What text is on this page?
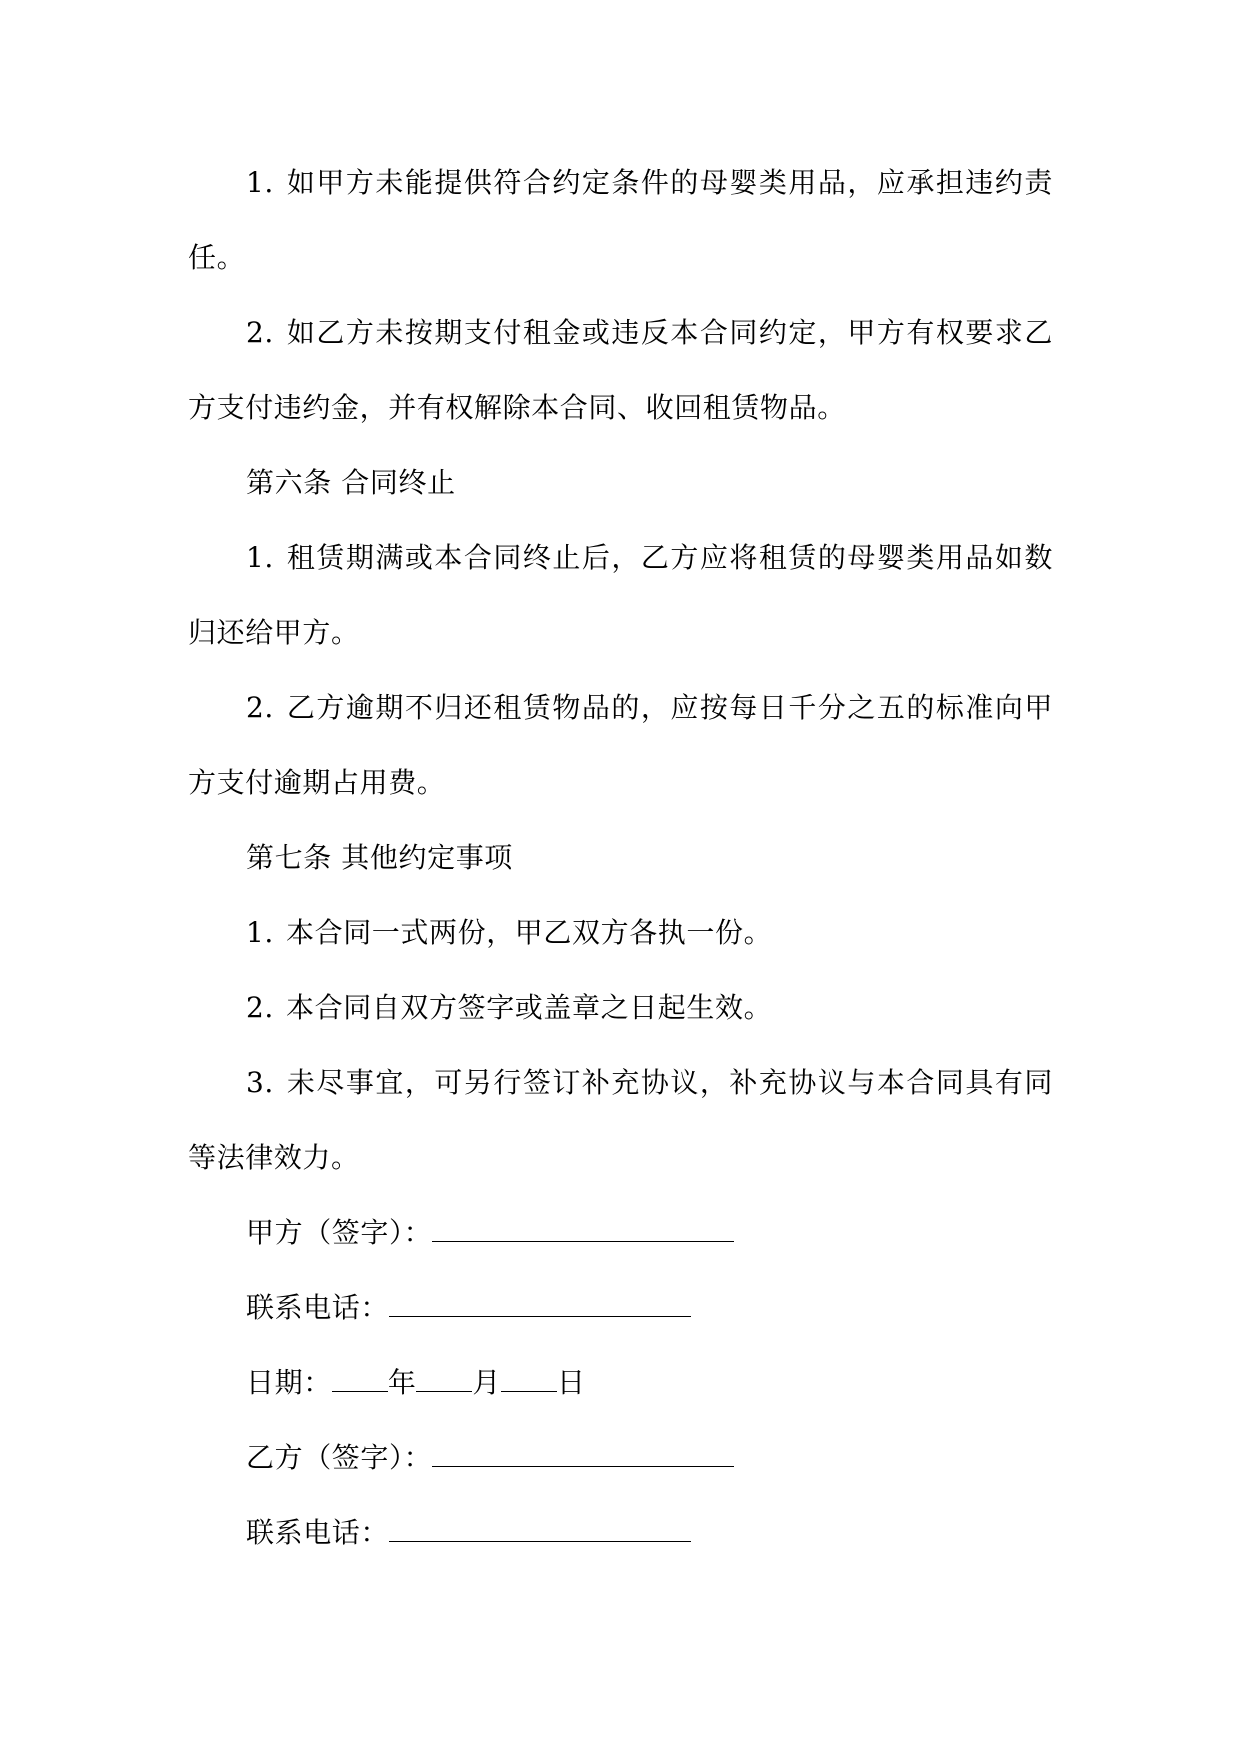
1. 如甲方未能提供符合约定条件的母婴类用品，应承担违约责任。

2. 如乙方未按期支付租金或违反本合同约定，甲方有权要求乙方支付违约金，并有权解除本合同、收回租赁物品。

第六条 合同终止

1. 租赁期满或本合同终止后，乙方应将租赁的母婴类用品如数归还给甲方。

2. 乙方逾期不归还租赁物品的，应按每日千分之五的标准向甲方支付逾期占用费。

第七条 其他约定事项

1. 本合同一式两份，甲乙双方各执一份。

2. 本合同自双方签字或盖章之日起生效。

3. 未尽事宜，可另行签订补充协议，补充协议与本合同具有同等法律效力。

甲方（签字）：

联系电话：

日期： 年 月 日

乙方（签字）：

联系电话：
